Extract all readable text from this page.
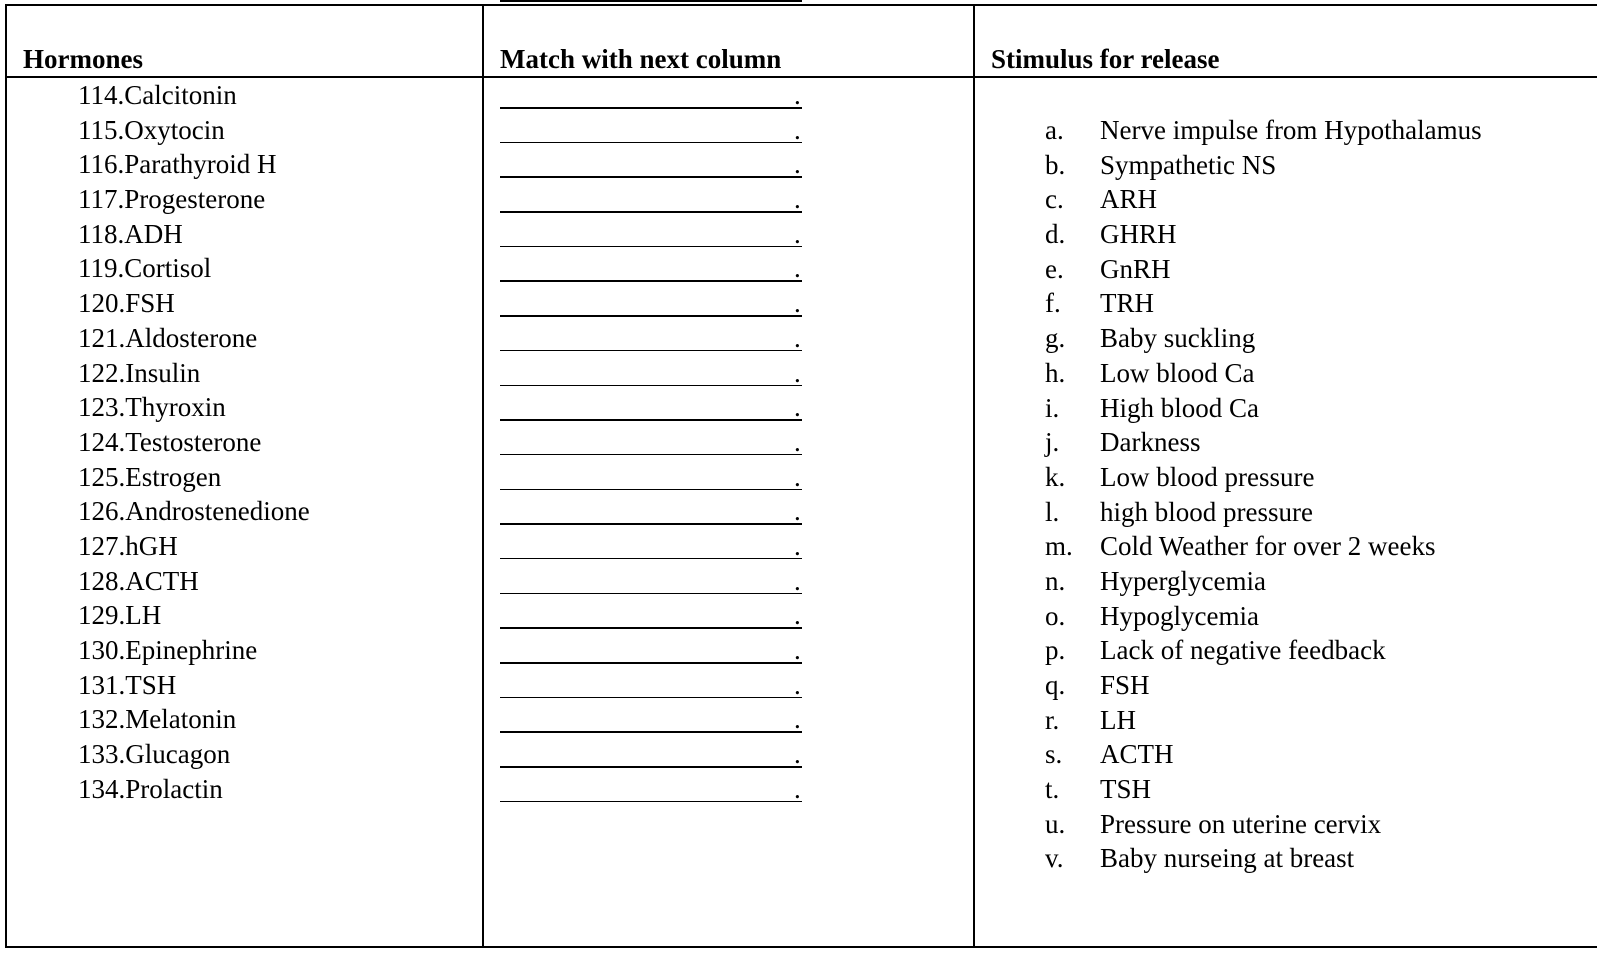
Hormones	Match with next column	Stimulus for release
114.Calcitonin
115.Oxytocin
116.Parathyroid H
117.Progesterone
118.ADH
119.Cortisol
120.FSH
121.Aldosterone
122.Insulin
123.Thyroxin
124.Testosterone
125.Estrogen
126.Androstenedione
127.hGH
128.ACTH
129.LH
130.Epinephrine
131.TSH
132.Melatonin
133.Glucagon
134.Prolactin
.
.
.
.
.
.
.
.
.
.
.
.
.
.
.
.
.
.
.
.
.
a. Nerve impulse from Hypothalamus
b. Sympathetic NS
c. ARH
d. GHRH
e. GnRH
f. TRH
g. Baby suckling
h. Low blood Ca
i. High blood Ca
j. Darkness
k. Low blood pressure
l. high blood pressure
m. Cold Weather for over 2 weeks
n. Hyperglycemia
o. Hypoglycemia
p. Lack of negative feedback
q. FSH
r. LH
s. ACTH
t. TSH
u. Pressure on uterine cervix
v. Baby nurseing at breast
